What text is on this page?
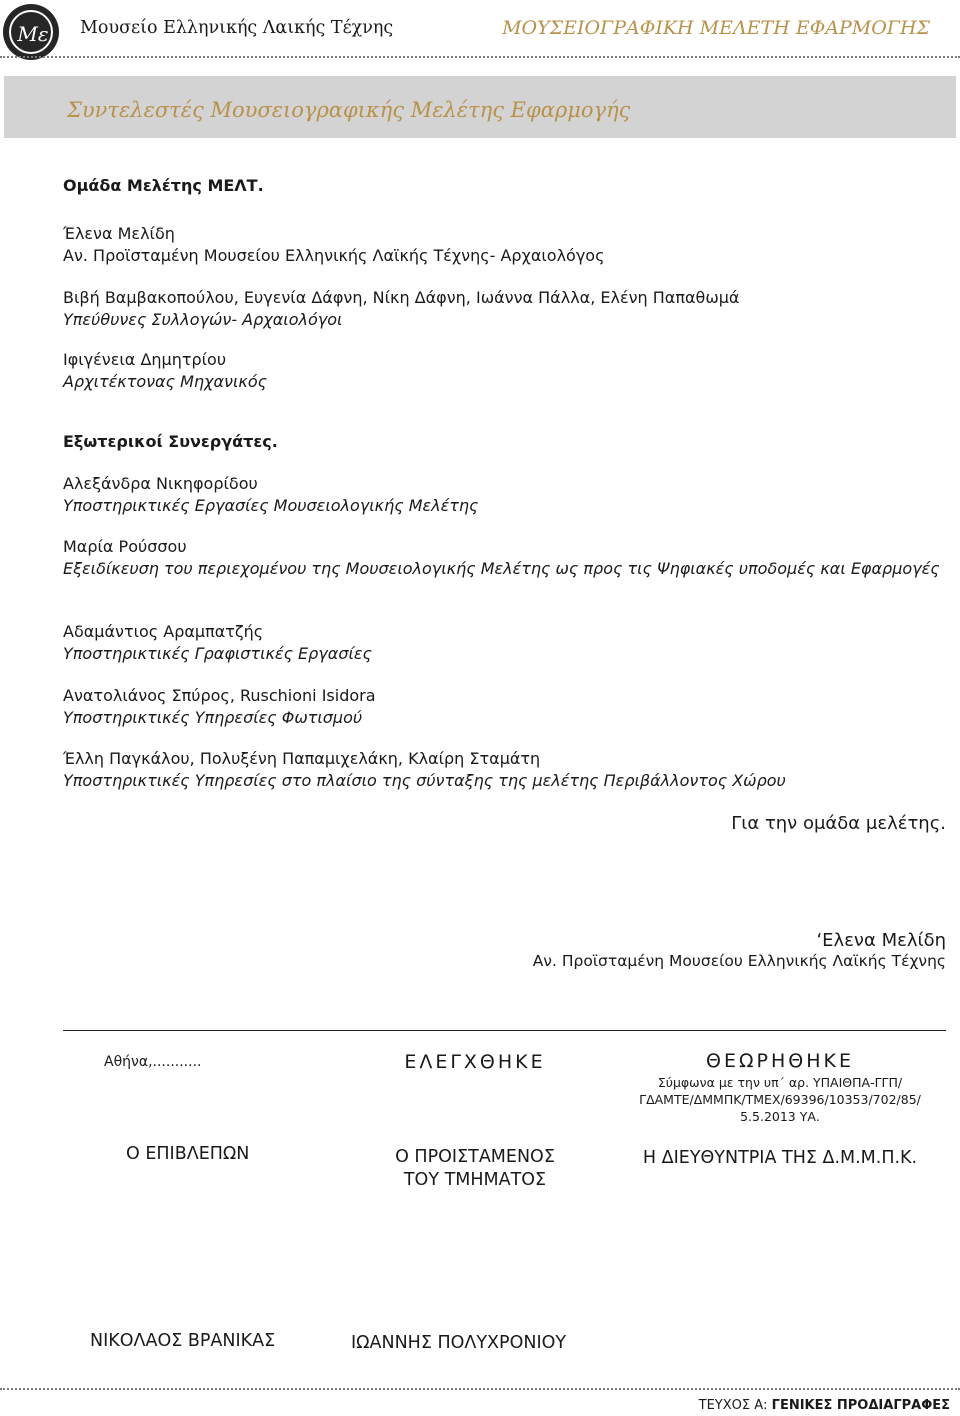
Mε	Μουσείο Ελληνικής Λαικής Τέχνης	ΜΟΥΣΕΙΟΓΡΑΦΙΚΗ ΜΕΛΕΤΗ ΕΦΑΡΜΟΓΗΣ
Συντελεστές Μουσειογραφικής Μελέτης Εφαρμογής
Ομάδα Μελέτης ΜΕΛΤ.
Έλενα Μελίδη
Αν. Προϊσταμένη Μουσείου Ελληνικής Λαϊκής Τέχνης- Αρχαιολόγος
Βιβή Βαμβακοπούλου, Ευγενία Δάφνη, Νίκη Δάφνη, Ιωάννα Πάλλα, Ελένη Παπαθωμά
Υπεύθυνες Συλλογών- Αρχαιολόγοι
Ιφιγένεια Δημητρίου
Αρχιτέκτονας Μηχανικός
Εξωτερικοί Συνεργάτες.
Αλεξάνδρα Νικηφορίδου
Υποστηρικτικές Εργασίες Μουσειολογικής Μελέτης
Μαρία Ρούσσου
Εξειδίκευση του περιεχομένου της Μουσειολογικής Μελέτης ως προς τις Ψηφιακές υποδομές και Εφαρμογές
Αδαμάντιος Αραμπατζής
Υποστηρικτικές Γραφιστικές Εργασίες
Ανατολιάνος Σπύρος, Ruschioni Isidora
Υποστηρικτικές Υπηρεσίες Φωτισμού
Έλλη Παγκάλου, Πολυξένη Παπαμιχελάκη, Κλαίρη Σταμάτη
Υποστηρικτικές Υπηρεσίες στο πλαίσιο της σύνταξης της μελέτης Περιβάλλοντος Χώρου
Για την ομάδα μελέτης.
‘Ελενα Μελίδη
Αν. Προϊσταμένη Μουσείου Ελληνικής Λαϊκής Τέχνης
Αθήνα,...........	ΕΛΕΓΧΘΗΚΕ	ΘΕΩΡΗΘΗΚΕ
Σύμφωνα με την υπ΄ αρ. ΥΠΑΙΘΠΑ-ΓΓΠ/
ΓΔΑΜΤΕ/ΔΜΜΠΚ/ΤΜΕΧ/69396/10353/702/85/
5.5.2013 ΥΑ.
Ο ΕΠΙΒΛΕΠΩΝ	Ο ΠΡΟΙΣΤΑΜΕΝΟΣ
ΤΟΥ ΤΜΗΜΑΤΟΣ
Η ΔΙΕΥΘΥΝΤΡΙΑ ΤΗΣ Δ.Μ.Μ.Π.Κ.
ΝΙΚΟΛΑΟΣ ΒΡΑΝΙΚΑΣ	ΙΩΑΝΝΗΣ ΠΟΛΥΧΡΟΝΙΟΥ
ΤΕΥΧΟΣ Α: ΓΕΝΙΚΕΣ ΠΡΟΔΙΑΓΡΑΦΕΣ
